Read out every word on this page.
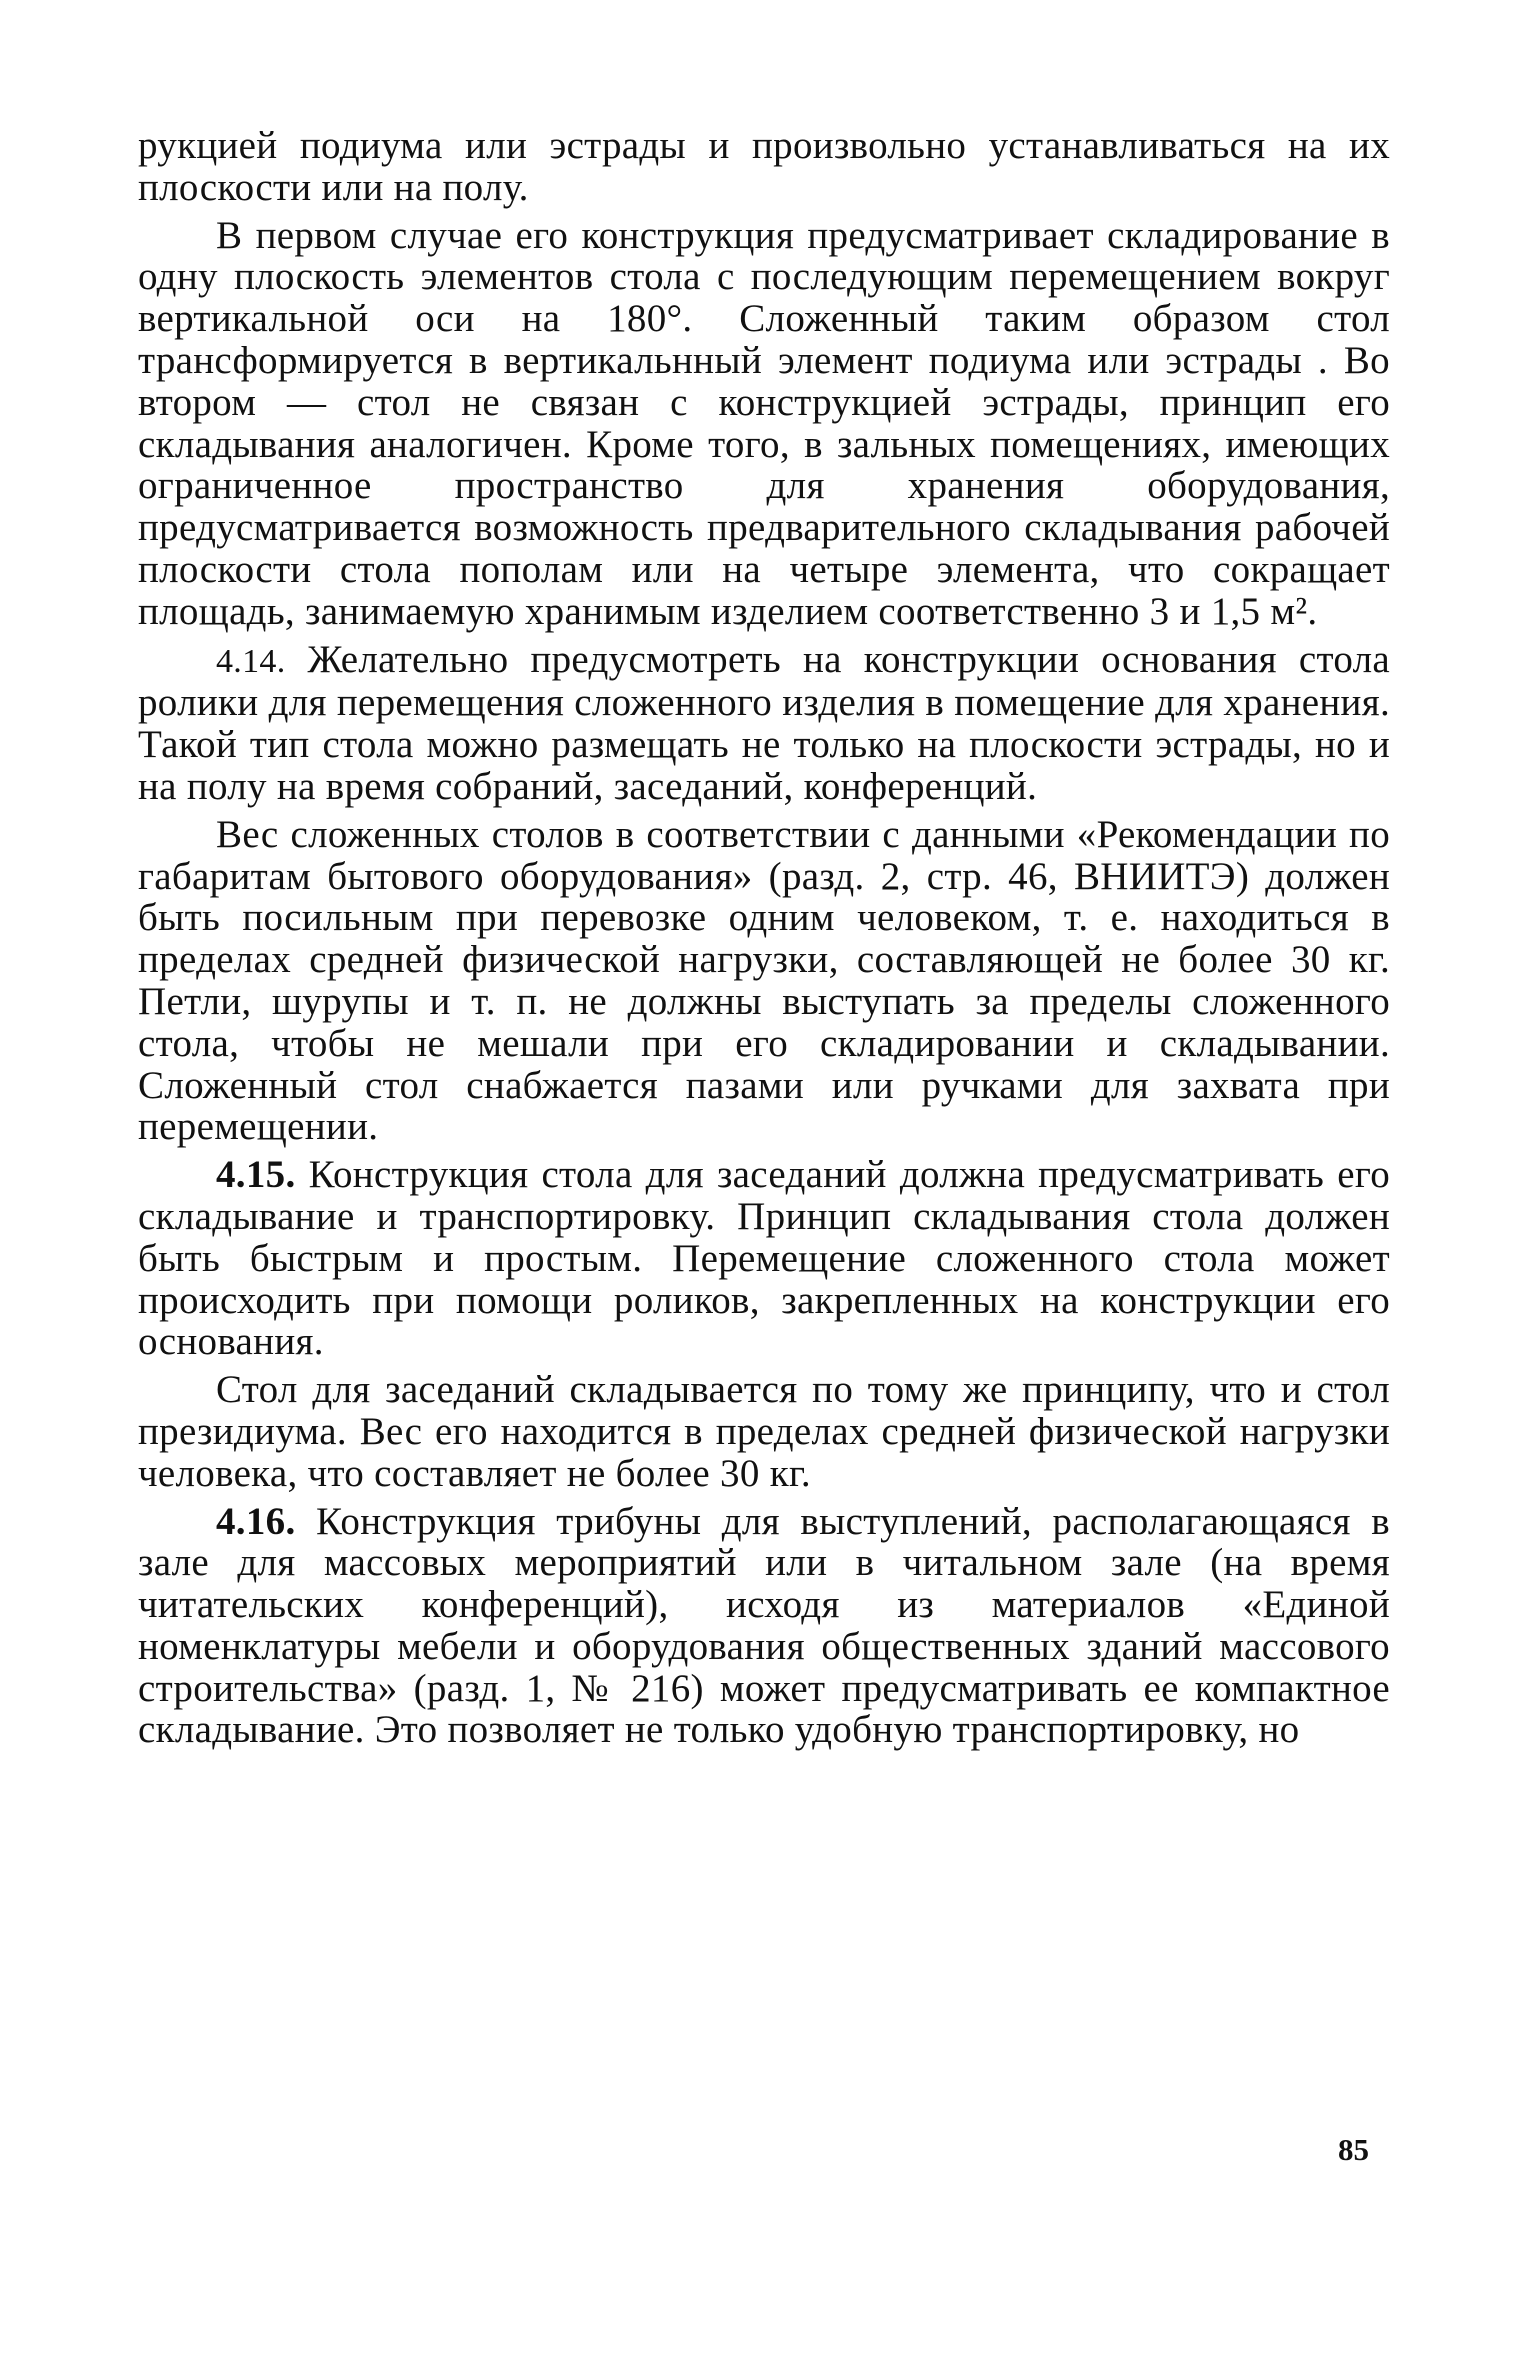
рукцией подиума или эстрады и произвольно устанавливаться на их плоскости или на полу.

В первом случае его конструкция предусматривает складирование в одну плоскость элементов стола с последующим перемещением вокруг вертикальной оси на 180°. Сложенный таким образом стол трансформируется в вертикальнный элемент подиума или эстрады . Во втором — стол не связан с конструкцией эстрады, принцип его складывания аналогичен. Кроме того, в зальных помещениях, имеющих ограниченное пространство для хранения оборудования, предусматривается возможность предварительного складывания рабочей плоскости стола пополам или на четыре элемента, что сокращает площадь, занимаемую хранимым изделием соответственно 3 и 1,5 м².

4.14. Желательно предусмотреть на конструкции основания стола ролики для перемещения сложенного изделия в помещение для хранения. Такой тип стола можно размещать не только на плоскости эстрады, но и на полу на время собраний, заседаний, конференций.

Вес сложенных столов в соответствии с данными «Рекомендации по габаритам бытового оборудования» (разд. 2, стр. 46, ВНИИТЭ) должен быть посильным при перевозке одним человеком, т. е. находиться в пределах средней физической нагрузки, составляющей не более 30 кг. Петли, шурупы и т. п. не должны выступать за пределы сложенного стола, чтобы не мешали при его складировании и складывании. Сложенный стол снабжается пазами или ручками для захвата при перемещении.

4.15. Конструкция стола для заседаний должна предусматривать его складывание и транспортировку. Принцип складывания стола должен быть быстрым и простым. Перемещение сложенного стола может происходить при помощи роликов, закрепленных на конструкции его основания.

Стол для заседаний складывается по тому же принципу, что и стол президиума. Вес его находится в пределах средней физической нагрузки человека, что составляет не более 30 кг.

4.16. Конструкция трибуны для выступлений, располагающаяся в зале для массовых мероприятий или в читальном зале (на время читательских конференций), исходя из материалов «Единой номенклатуры мебели и оборудования общественных зданий массового строительства» (разд. 1, № 216) может предусматривать ее компактное складывание. Это позволяет не только удобную транспортировку, но

85
